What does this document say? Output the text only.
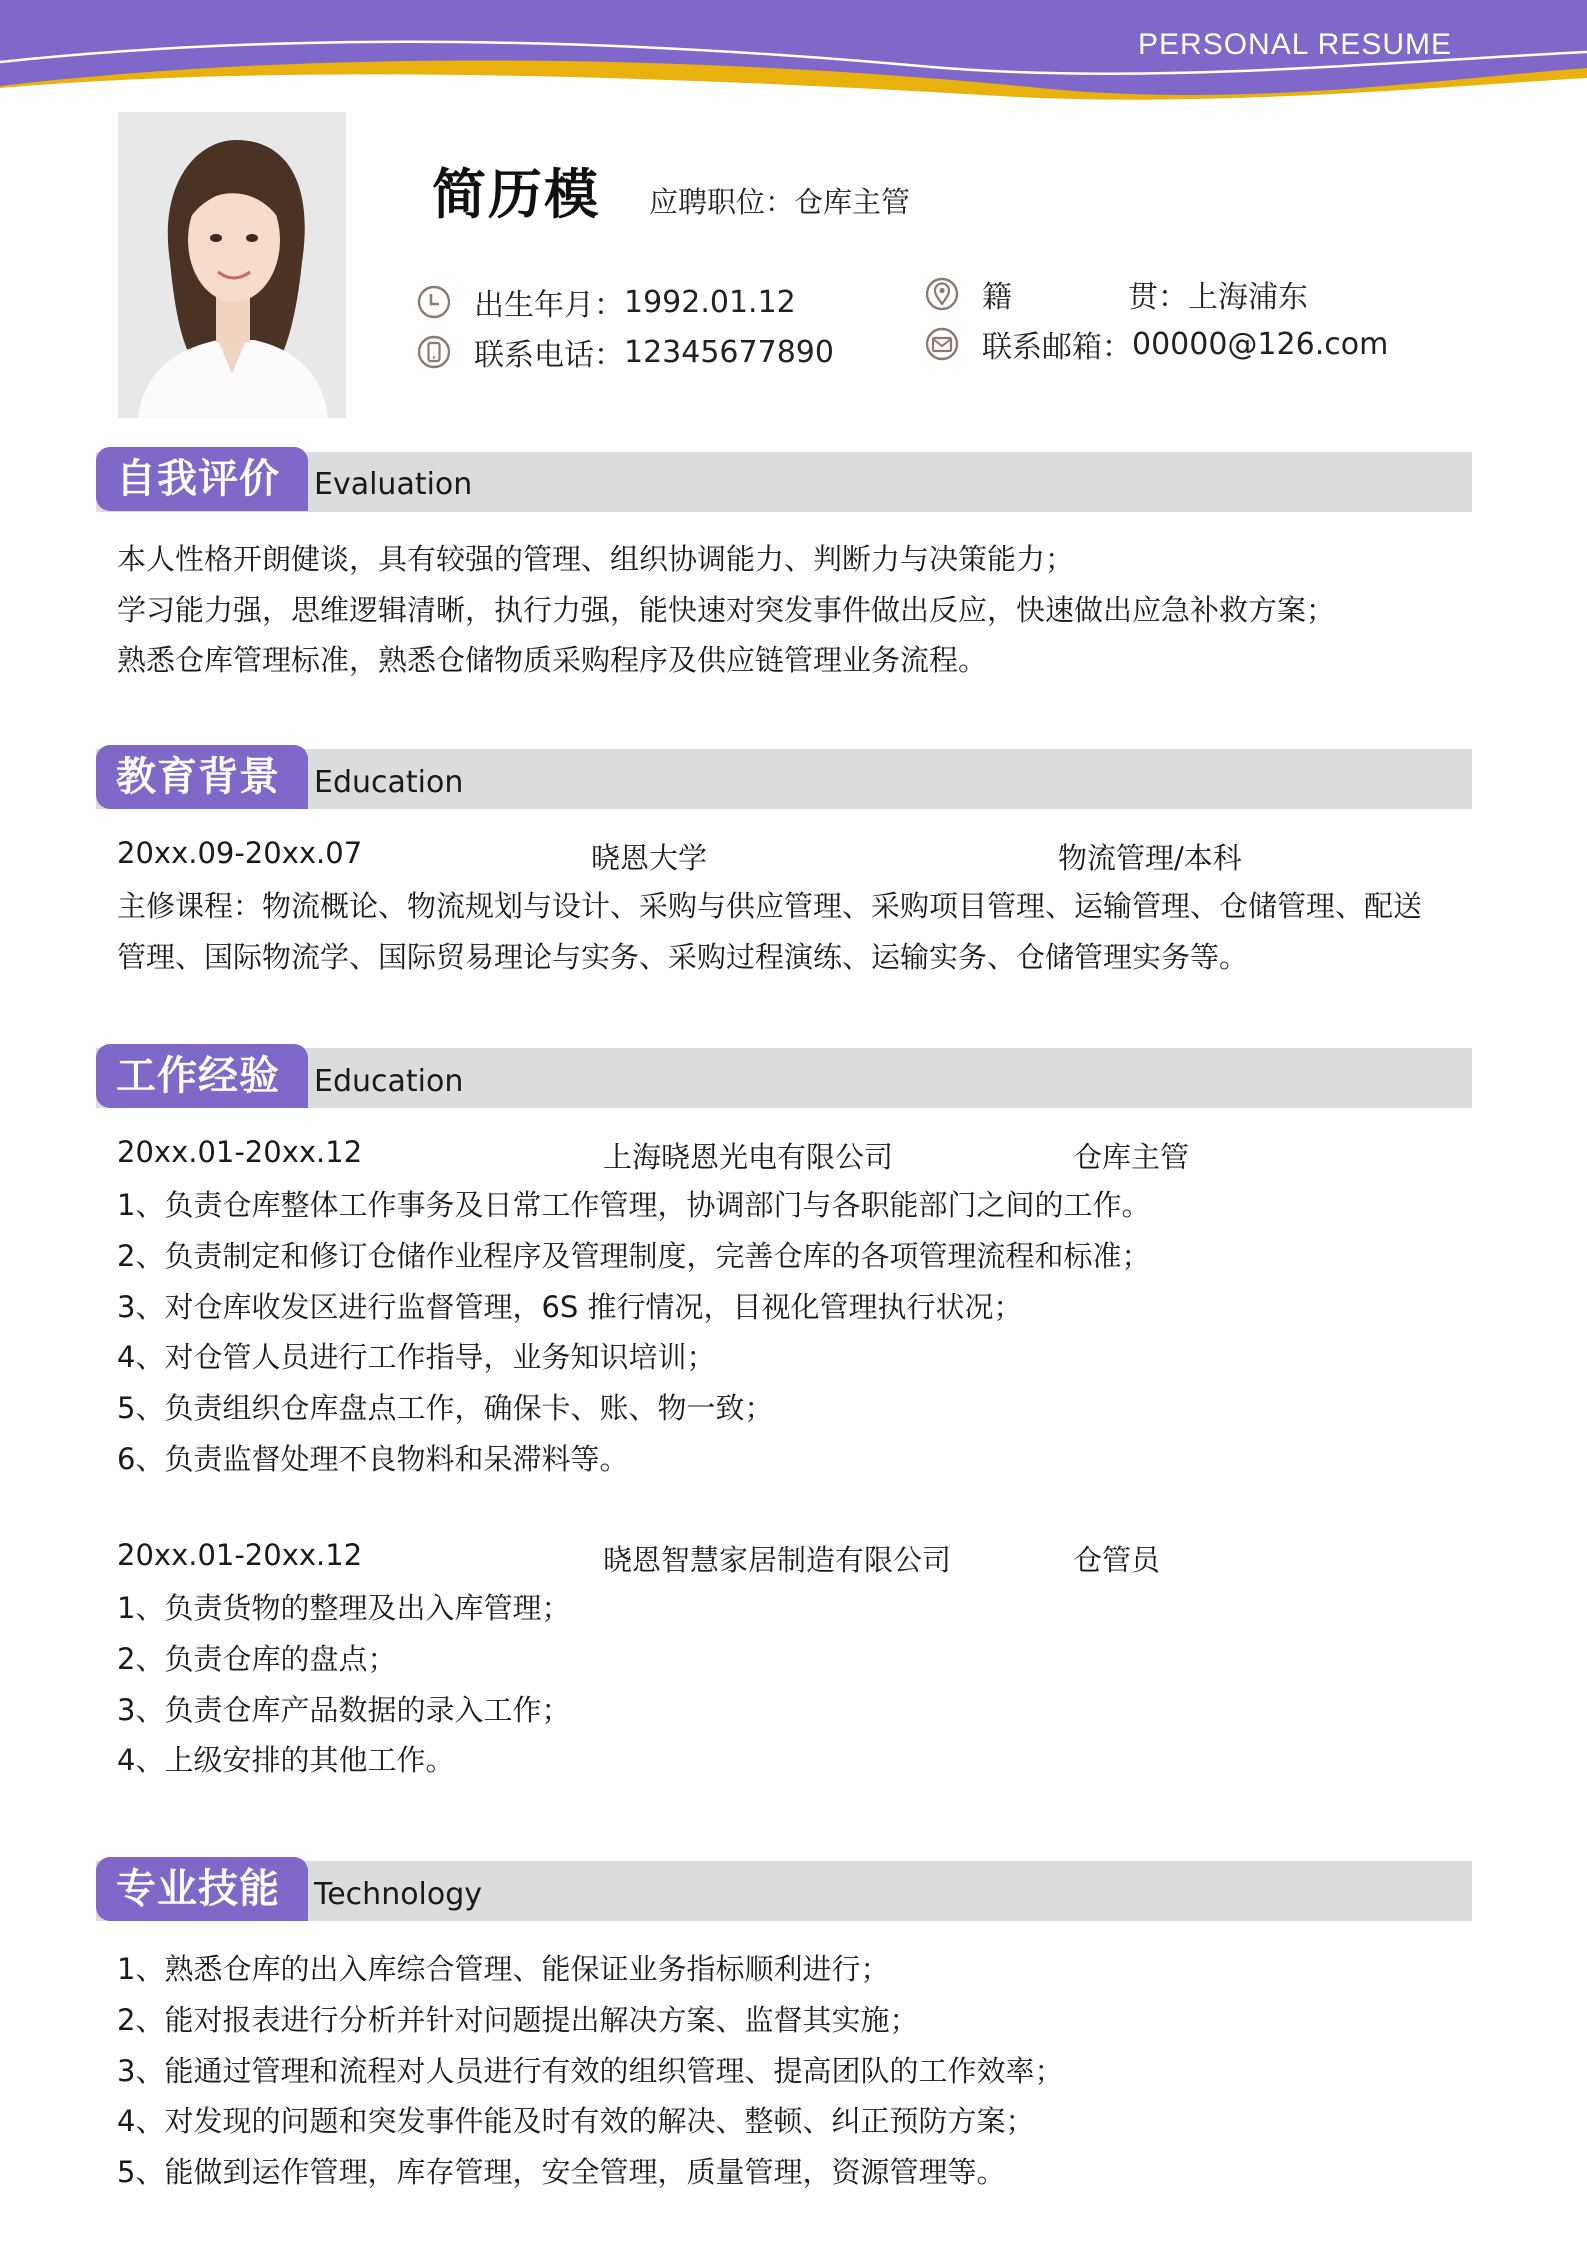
PERSONAL RESUME
简历模 应聘职位：仓库主管
出生年月： 1992.01.12
联系电话： 12345677890
籍	贯： 上海浦东
联系邮箱： 00000@126.com
自我评价	Evaluation
本人性格开朗健谈，具有较强的管理、组织协调能力、判断力与决策能力；
学习能力强，思维逻辑清晰，执行力强，能快速对突发事件做出反应，快速做出应急补救方案；
熟悉仓库管理标准，熟悉仓储物质采购程序及供应链管理业务流程。
教育背景	Education
20xx.09-20xx.07	晓恩大学	物流管理/本科
主修课程：物流概论、物流规划与设计、采购与供应管理、采购项目管理、运输管理、仓储管理、配送
管理、国际物流学、国际贸易理论与实务、采购过程演练、运输实务、仓储管理实务等。
工作经验	Education
20xx.01-20xx.12	上海晓恩光电有限公司	仓库主管
1、负责仓库整体工作事务及日常工作管理，协调部门与各职能部门之间的工作。
2、负责制定和修订仓储作业程序及管理制度，完善仓库的各项管理流程和标准；
3、对仓库收发区进行监督管理，6S 推行情况，目视化管理执行状况；
4、对仓管人员进行工作指导，业务知识培训；
5、负责组织仓库盘点工作，确保卡、账、物一致；
6、负责监督处理不良物料和呆滞料等。
20xx.01-20xx.12	晓恩智慧家居制造有限公司	仓管员
1、负责货物的整理及出入库管理；
2、负责仓库的盘点；
3、负责仓库产品数据的录入工作；
4、上级安排的其他工作。
专业技能	Technology
1、熟悉仓库的出入库综合管理、能保证业务指标顺利进行；
2、能对报表进行分析并针对问题提出解决方案、监督其实施；
3、能通过管理和流程对人员进行有效的组织管理、提高团队的工作效率；
4、对发现的问题和突发事件能及时有效的解决、整顿、纠正预防方案；
5、能做到运作管理，库存管理，安全管理，质量管理，资源管理等。
